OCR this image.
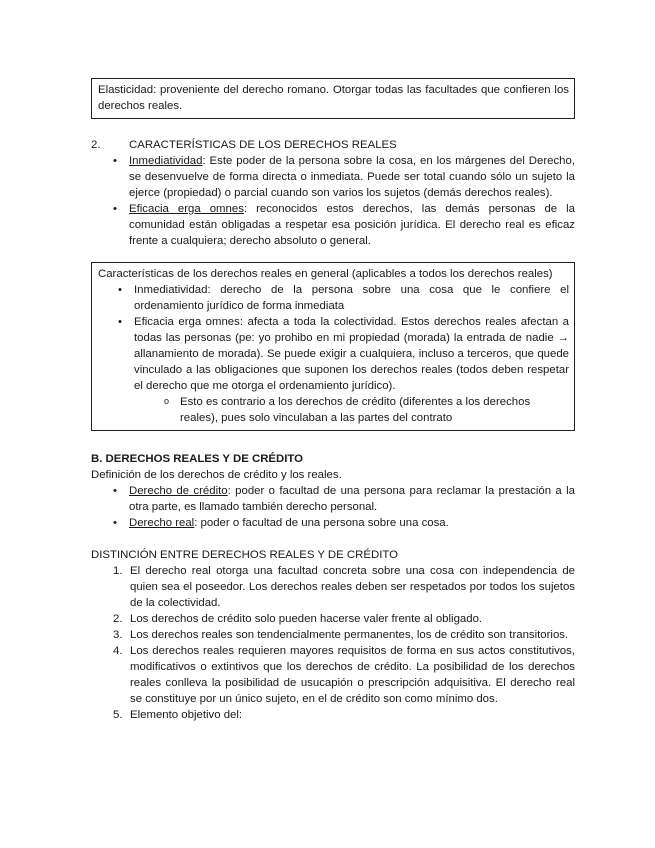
Elasticidad: proveniente del derecho romano. Otorgar todas las facultades que confieren los derechos reales.
2.	CARACTERÍSTICAS DE LOS DERECHOS REALES
• Inmediatividad: Este poder de la persona sobre la cosa, en los márgenes del Derecho, se desenvuelve de forma directa o inmediata. Puede ser total cuando sólo un sujeto la ejerce (propiedad) o parcial cuando son varios los sujetos (demás derechos reales).
• Eficacia erga omnes: reconocidos estos derechos, las demás personas de la comunidad están obligadas a respetar esa posición jurídica. El derecho real es eficaz frente a cualquiera; derecho absoluto o general.
Características de los derechos reales en general (aplicables a todos los derechos reales)
• Inmediatividad: derecho de la persona sobre una cosa que le confiere el ordenamiento jurídico de forma inmediata
• Eficacia erga omnes: afecta a toda la colectividad. Estos derechos reales afectan a todas las personas (pe: yo prohibo en mi propiedad (morada) la entrada de nadie → allanamiento de morada). Se puede exigir a cualquiera, incluso a terceros, que quede vinculado a las obligaciones que suponen los derechos reales (todos deben respetar el derecho que me otorga el ordenamiento jurídico).
o Esto es contrario a los derechos de crédito (diferentes a los derechos reales), pues solo vinculaban a las partes del contrato
B. DERECHOS REALES Y DE CRÉDITO
Definición de los derechos de crédito y los reales.
• Derecho de crédito: poder o facultad de una persona para reclamar la prestación a la otra parte, es llamado también derecho personal.
• Derecho real: poder o facultad de una persona sobre una cosa.
DISTINCIÓN ENTRE DERECHOS REALES Y DE CRÉDITO
1. El derecho real otorga una facultad concreta sobre una cosa con independencia de quien sea el poseedor. Los derechos reales deben ser respetados por todos los sujetos de la colectividad.
2. Los derechos de crédito solo pueden hacerse valer frente al obligado.
3. Los derechos reales son tendencialmente permanentes, los de crédito son transitorios.
4. Los derechos reales requieren mayores requisitos de forma en sus actos constitutivos, modificativos o extintivos que los derechos de crédito. La posibilidad de los derechos reales conlleva la posibilidad de usucapión o prescripción adquisitiva. El derecho real se constituye por un único sujeto, en el de crédito son como mínimo dos.
5. Elemento objetivo del:
